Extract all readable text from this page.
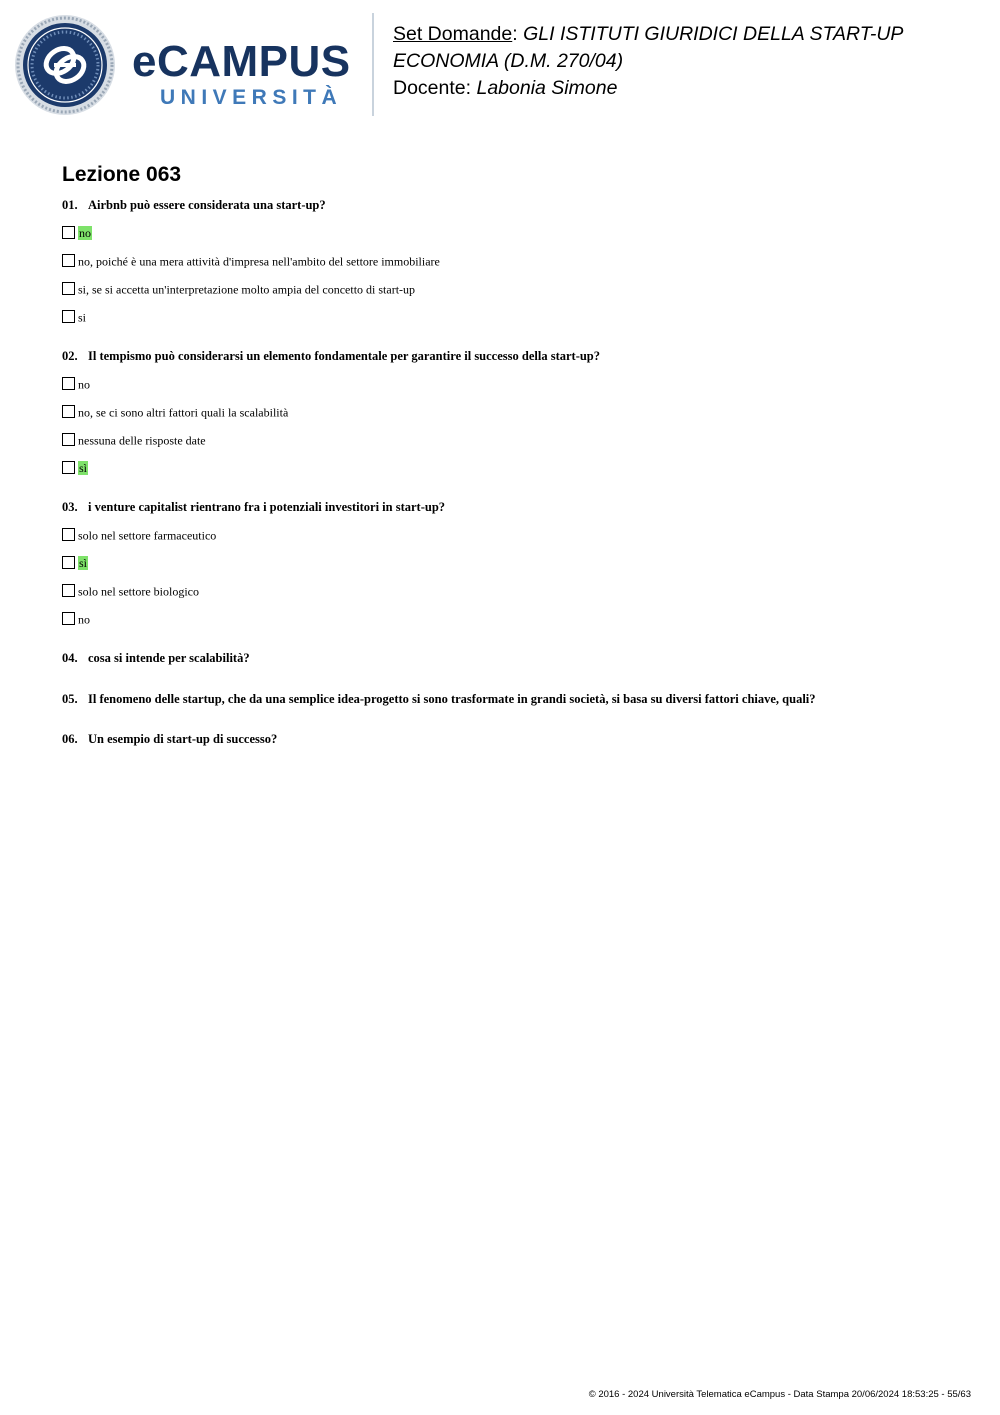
eCAMPUS
UNIVERSITÀ
Set Domande: GLI ISTITUTI GIURIDICI DELLA START-UP
ECONOMIA (D.M. 270/04)
Docente: Labonia Simone
Lezione 063
01. Airbnb può essere considerata una start-up?
no
no, poiché è una mera attività d'impresa nell'ambito del settore immobiliare
si, se si accetta un'interpretazione molto ampia del concetto di start-up
si
02. Il tempismo può considerarsi un elemento fondamentale per garantire il successo della start-up?
no
no, se ci sono altri fattori quali la scalabilità
nessuna delle risposte date
sì
03. i venture capitalist rientrano fra i potenziali investitori in start-up?
solo nel settore farmaceutico
sì
solo nel settore biologico
no
04. cosa si intende per scalabilità?
05. Il fenomeno delle startup, che da una semplice idea-progetto si sono trasformate in grandi società, si basa su diversi fattori chiave, quali?
06. Un esempio di start-up di successo?
© 2016 - 2024 Università Telematica eCampus - Data Stampa 20/06/2024 18:53:25 - 55/63
